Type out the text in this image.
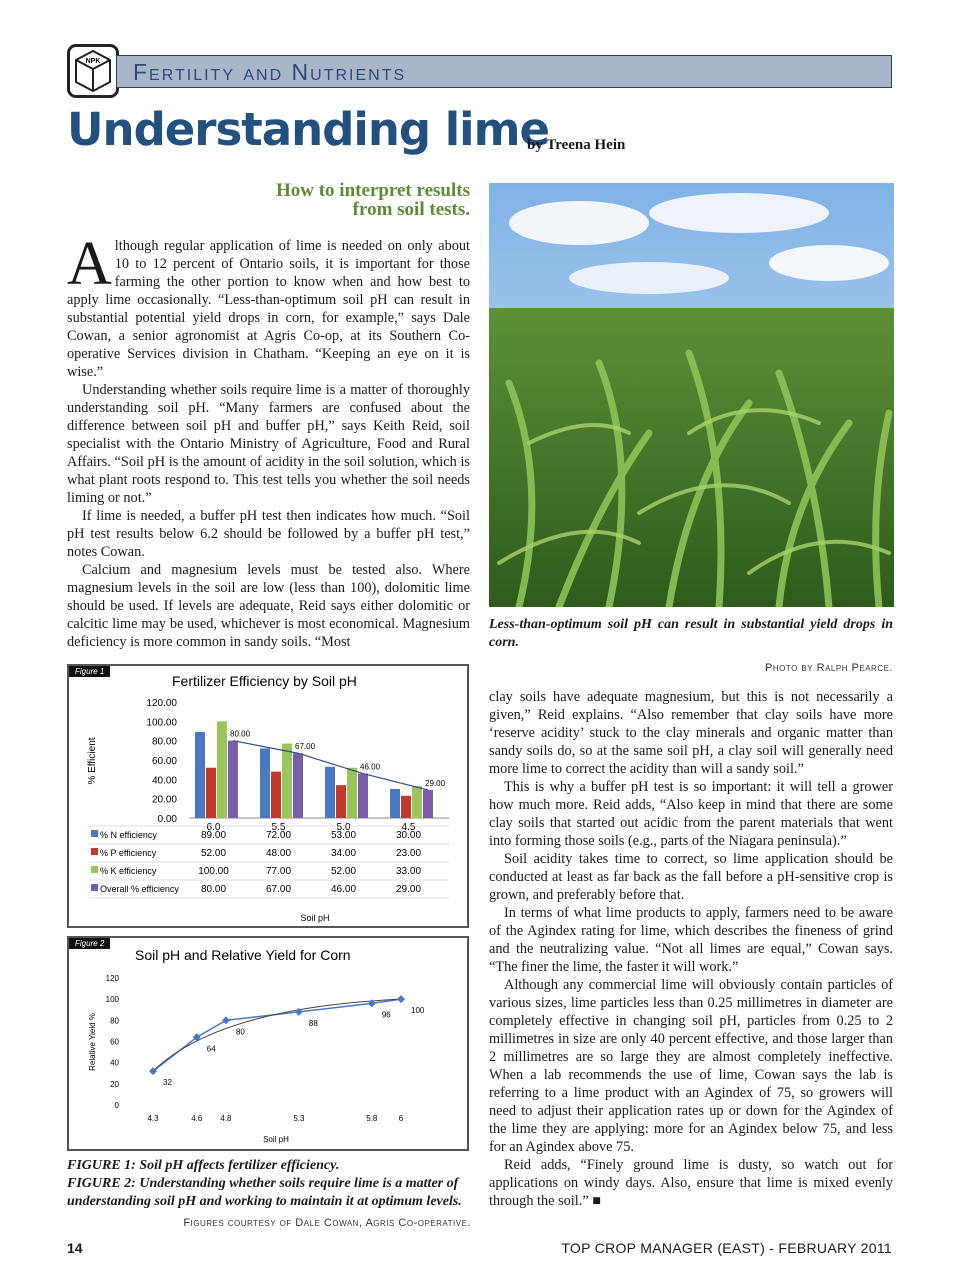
NPK Fertility and Nutrients
Understanding lime
by Treena Hein
How to interpret results from soil tests.

Although regular application of lime is needed on only about 10 to 12 percent of Ontario soils, it is important for those farming the other portion to know when and how best to apply lime occasionally. “Less-than-optimum soil pH can result in substantial potential yield drops in corn, for example,” says Dale Cowan, a senior agronomist at Agris Co-op, at its Southern Co-operative Services division in Chatham. “Keeping an eye on it is wise.”

Understanding whether soils require lime is a matter of thoroughly understanding soil pH. “Many farmers are confused about the difference between soil pH and buffer pH,” says Keith Reid, soil specialist with the Ontario Ministry of Agriculture, Food and Rural Affairs. “Soil pH is the amount of acidity in the soil solution, which is what plant roots respond to. This test tells you whether the soil needs liming or not.”

If lime is needed, a buffer pH test then indicates how much. “Soil pH test results below 6.2 should be followed by a buffer pH test,” notes Cowan.

Calcium and magnesium levels must be tested also. Where magnesium levels in the soil are low (less than 100), dolomitic lime should be used. If levels are adequate, Reid says either dolomitic or calcitic lime may be used, whichever is most economical. Magnesium deficiency is more common in sandy soils. “Most

Less-than-optimum soil pH can result in substantial yield drops in corn.
Photo by Ralph Pearce.

clay soils have adequate magnesium, but this is not necessarily a given,” Reid explains. “Also remember that clay soils have more ‘reserve acidity’ stuck to the clay minerals and organic matter than sandy soils do, so at the same soil pH, a clay soil will generally need more lime to correct the acidity than will a sandy soil.”

This is why a buffer pH test is so important: it will tell a grower how much more. Reid adds, “Also keep in mind that there are some clay soils that started out acidic from the parent materials that went into forming those soils (e.g., parts of the Niagara peninsula).”

Soil acidity takes time to correct, so lime application should be conducted at least as far back as the fall before a pH-sensitive crop is grown, and preferably before that.

In terms of what lime products to apply, farmers need to be aware of the Agindex rating for lime, which describes the fineness of grind and the neutralizing value. “Not all limes are equal,” Cowan says. “The finer the lime, the faster it will work.”

Although any commercial lime will obviously contain particles of various sizes, lime particles less than 0.25 millimetres in diameter are completely effective in changing soil pH, particles from 0.25 to 2 millimetres in size are only 40 percent effective, and those larger than 2 millimetres are so large they are almost completely ineffective. When a lab recommends the use of lime, Cowan says the lab is referring to a lime product with an Agindex of 75, so growers will need to adjust their application rates up or down for the Agindex of the lime they are applying: more for an Agindex below 75, and less for an Agindex above 75.

Reid adds, “Finely ground lime is dusty, so watch out for applications on windy days. Also, ensure that lime is mixed evenly through the soil.” ■

Figure 1
Fertilizer Efficiency by Soil pH
% Efficient
0.00
20.00
40.00
60.00
80.00
100.00
120.00
80.00
6.0
67.00
5.5
46.00
5.0
29.00
4.5
% N efficiency	89.00	72.00	53.00	30.00
% P efficiency	52.00	48.00	34.00	23.00
% K efficiency	100.00	77.00	52.00	33.00
Overall % efficiency 80.00	67.00	46.00	29.00
Soil pH
Figure 2
Soil pH and Relative Yield for Corn
Relative Yield %
0
20
40
60
80
100
120
4.3	4.6 4.8	5.3	5.8	6
Soil pH
32
64
80
88
96	100
FIGURE 1: Soil pH affects fertilizer efficiency.
FIGURE 2: Understanding whether soils require lime is a matter of understanding soil pH and working to maintain it at optimum levels.
Figures courtesy of Dale Cowan, Agris Co-operative.
14	TOP CROP MANAGER (EAST) - FEBRUARY 2011
